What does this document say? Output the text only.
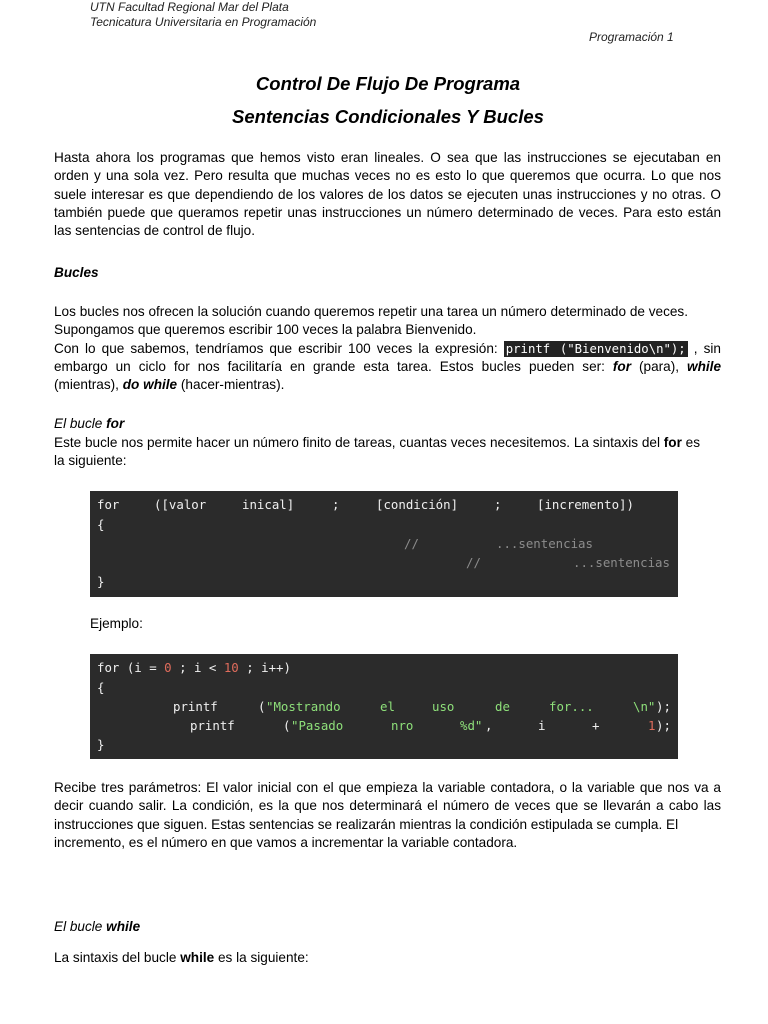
UTN Facultad Regional Mar del Plata
Tecnicatura Universitaria en Programación
Programación 1
Control De Flujo De Programa
Sentencias Condicionales Y Bucles

Hasta ahora los programas que hemos visto eran lineales. O sea que las instrucciones se ejecutaban en orden y una sola vez. Pero resulta que muchas veces no es esto lo que queremos que ocurra. Lo que nos suele interesar es que dependiendo de los valores de los datos se ejecuten unas instrucciones y no otras. O también puede que queramos repetir unas instrucciones un número determinado de veces. Para esto están las sentencias de control de flujo.

Bucles

Los bucles nos ofrecen la solución cuando queremos repetir una tarea un número determinado de veces.
Supongamos que queremos escribir 100 veces la palabra Bienvenido.
Con lo que sabemos, tendríamos que escribir 100 veces la expresión: printf ("Bienvenido\n"); , sin embargo un ciclo for nos facilitaría en grande esta tarea. Estos bucles pueden ser: for (para), while (mientras), do while (hacer-mientras).

El bucle for

Este bucle nos permite hacer un número finito de tareas, cuantas veces necesitemos. La sintaxis del for es
la siguiente:

for	([valor	inical]	;	[condición]	;	[incremento])
{
//	...sentencias
//	...sentencias
}
Ejemplo:
for (i = 0 ; i < 10 ; i++)
{
printf	( "Mostrando	el	uso	de	for...	\n" );
printf	( "Pasado	nro	%d" ,	i	+	1 );
}

Recibe tres parámetros: El valor inicial con el que empieza la variable contadora, o la variable que nos va a decir cuando salir. La condición, es la que nos determinará el número de veces que se llevarán a cabo las instrucciones que siguen. Estas sentencias se realizarán mientras la condición estipulada se cumpla. El
incremento, es el número en que vamos a incrementar la variable contadora.

El bucle while
La sintaxis del bucle while es la siguiente:
